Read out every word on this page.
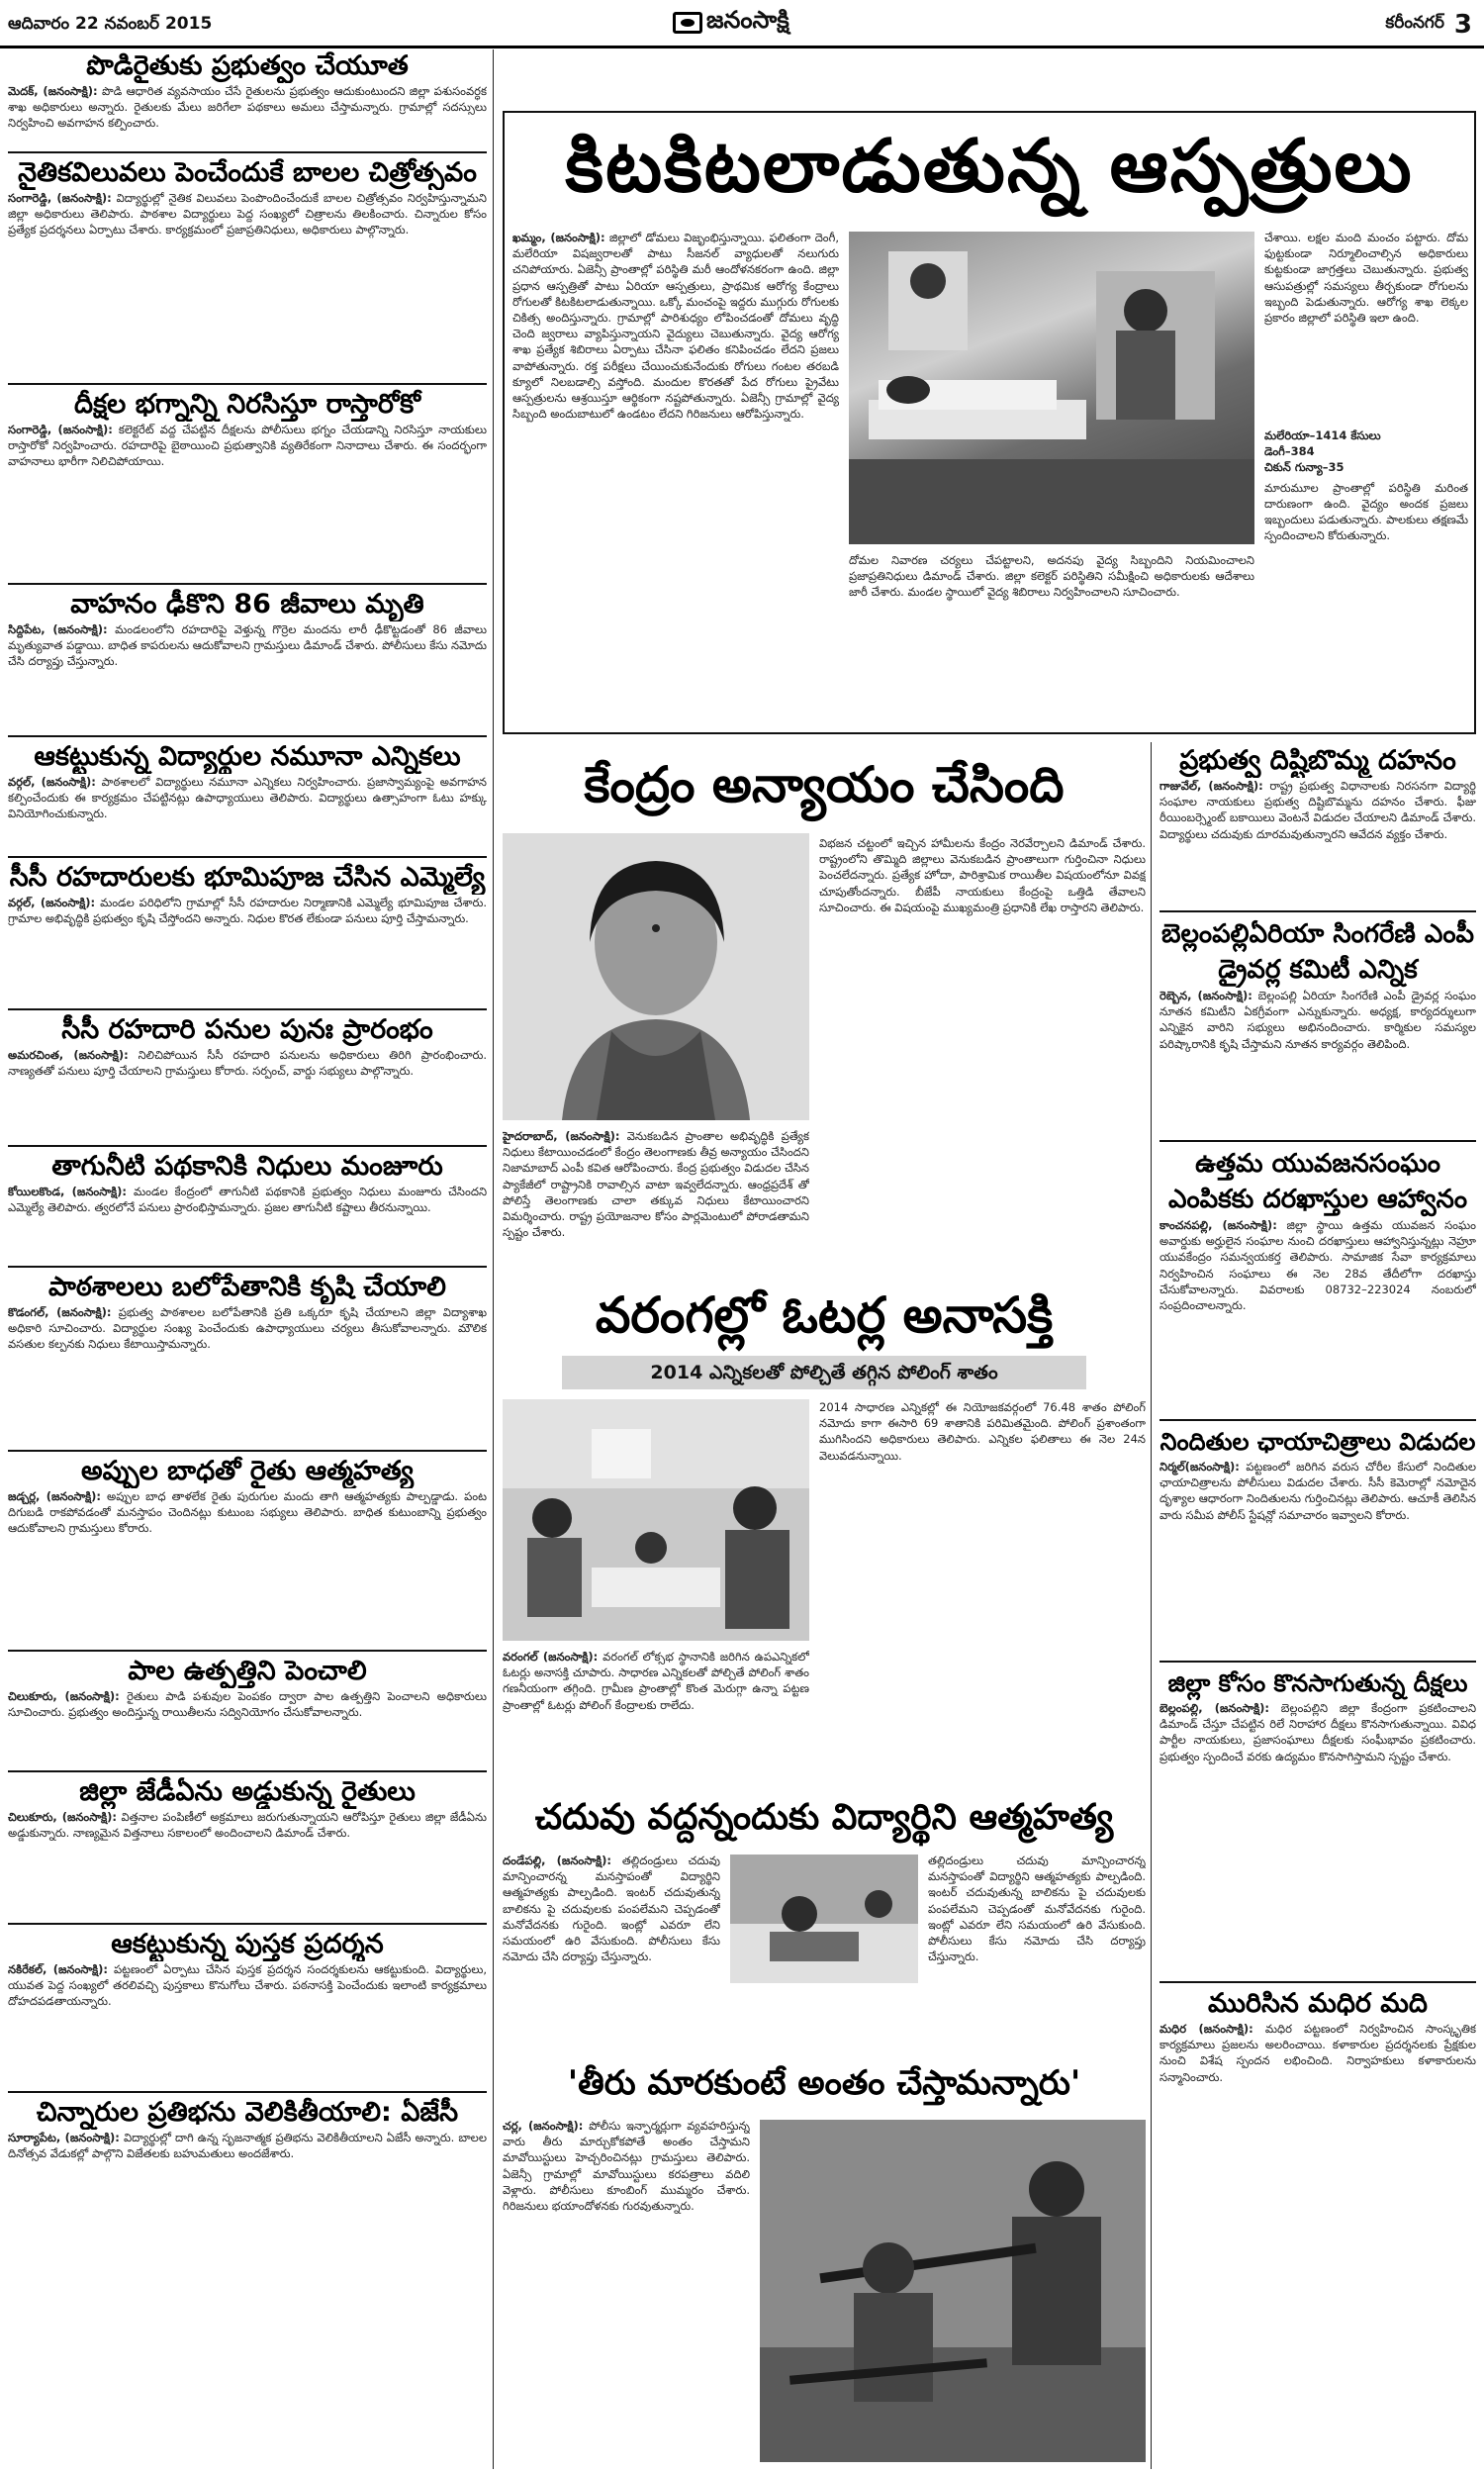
ఆదివారం 22 నవంబర్ 2015	జనంసాక్షి	కరీంనగర్ 3
పొడిరైతుకు ప్రభుత్వం చేయూత
మెదక్, (జనంసాక్షి): పొడి ఆధారిత వ్యవసాయం చేసే రైతులను ప్రభుత్వం ఆదుకుంటుందని జిల్లా పశుసంవర్ధక శాఖ అధికారులు అన్నారు. రైతులకు మేలు జరిగేలా పథకాలు అమలు చేస్తామన్నారు. గ్రామాల్లో సదస్సులు నిర్వహించి అవగాహన కల్పించారు.
నైతికవిలువలు పెంచేందుకే బాలల చిత్రోత్సవం
సంగారెడ్డి, (జనంసాక్షి): విద్యార్థుల్లో నైతిక విలువలు పెంపొందించేందుకే బాలల చిత్రోత్సవం నిర్వహిస్తున్నామని జిల్లా అధికారులు తెలిపారు. పాఠశాల విద్యార్థులు పెద్ద సంఖ్యలో చిత్రాలను తిలకించారు. చిన్నారుల కోసం ప్రత్యేక ప్రదర్శనలు ఏర్పాటు చేశారు. కార్యక్రమంలో ప్రజాప్రతినిధులు, అధికారులు పాల్గొన్నారు.
దీక్షల భగ్నాన్ని నిరసిస్తూ రాస్తారోకో
సంగారెడ్డి, (జనంసాక్షి): కలెక్టరేట్ వద్ద చేపట్టిన దీక్షలను పోలీసులు భగ్నం చేయడాన్ని నిరసిస్తూ నాయకులు రాస్తారోకో నిర్వహించారు. రహదారిపై బైఠాయించి ప్రభుత్వానికి వ్యతిరేకంగా నినాదాలు చేశారు. ఈ సందర్భంగా వాహనాలు భారీగా నిలిచిపోయాయి.
వాహనం ఢీకొని 86 జీవాలు మృతి
సిద్దిపేట, (జనంసాక్షి): మండలంలోని రహదారిపై వెళ్తున్న గొర్రెల మందను లారీ ఢీకొట్టడంతో 86 జీవాలు మృత్యువాత పడ్డాయి. బాధిత కాపరులను ఆదుకోవాలని గ్రామస్తులు డిమాండ్ చేశారు. పోలీసులు కేసు నమోదు చేసి దర్యాప్తు చేస్తున్నారు.
ఆకట్టుకున్న విద్యార్థుల నమూనా ఎన్నికలు
వర్గల్, (జనంసాక్షి): పాఠశాలలో విద్యార్థులు నమూనా ఎన్నికలు నిర్వహించారు. ప్రజాస్వామ్యంపై అవగాహన కల్పించేందుకు ఈ కార్యక్రమం చేపట్టినట్లు ఉపాధ్యాయులు తెలిపారు. విద్యార్థులు ఉత్సాహంగా ఓటు హక్కు వినియోగించుకున్నారు.
సీసీ రహదారులకు భూమిపూజ చేసిన ఎమ్మెల్యే
వర్గల్, (జనంసాక్షి): మండల పరిధిలోని గ్రామాల్లో సీసీ రహదారుల నిర్మాణానికి ఎమ్మెల్యే భూమిపూజ చేశారు. గ్రామాల అభివృద్ధికి ప్రభుత్వం కృషి చేస్తోందని అన్నారు. నిధుల కొరత లేకుండా పనులు పూర్తి చేస్తామన్నారు.
సీసీ రహదారి పనుల పునః ప్రారంభం
అమరచింత, (జనంసాక్షి): నిలిచిపోయిన సీసీ రహదారి పనులను అధికారులు తిరిగి ప్రారంభించారు. నాణ్యతతో పనులు పూర్తి చేయాలని గ్రామస్తులు కోరారు. సర్పంచ్, వార్డు సభ్యులు పాల్గొన్నారు.
తాగునీటి పథకానికి నిధులు మంజూరు
కోయిలకొండ, (జనంసాక్షి): మండల కేంద్రంలో తాగునీటి పథకానికి ప్రభుత్వం నిధులు మంజూరు చేసిందని ఎమ్మెల్యే తెలిపారు. త్వరలోనే పనులు ప్రారంభిస్తామన్నారు. ప్రజల తాగునీటి కష్టాలు తీరనున్నాయి.
పాఠశాలలు బలోపేతానికి కృషి చేయాలి
కొడంగల్, (జనంసాక్షి): ప్రభుత్వ పాఠశాలల బలోపేతానికి ప్రతి ఒక్కరూ కృషి చేయాలని జిల్లా విద్యాశాఖ అధికారి సూచించారు. విద్యార్థుల సంఖ్య పెంచేందుకు ఉపాధ్యాయులు చర్యలు తీసుకోవాలన్నారు. మౌలిక వసతుల కల్పనకు నిధులు కేటాయిస్తామన్నారు.
అప్పుల బాధతో రైతు ఆత్మహత్య
జడ్చర్ల, (జనంసాక్షి): అప్పుల బాధ తాళలేక రైతు పురుగుల మందు తాగి ఆత్మహత్యకు పాల్పడ్డాడు. పంట దిగుబడి రాకపోవడంతో మనస్తాపం చెందినట్లు కుటుంబ సభ్యులు తెలిపారు. బాధిత కుటుంబాన్ని ప్రభుత్వం ఆదుకోవాలని గ్రామస్తులు కోరారు.
పాల ఉత్పత్తిని పెంచాలి
చిలుకూరు, (జనంసాక్షి): రైతులు పాడి పశువుల పెంపకం ద్వారా పాల ఉత్పత్తిని పెంచాలని అధికారులు సూచించారు. ప్రభుత్వం అందిస్తున్న రాయితీలను సద్వినియోగం చేసుకోవాలన్నారు.
జిల్లా జేడీఏను అడ్డుకున్న రైతులు
చిలుకూరు, (జనంసాక్షి): విత్తనాల పంపిణీలో అక్రమాలు జరుగుతున్నాయని ఆరోపిస్తూ రైతులు జిల్లా జేడీఏను అడ్డుకున్నారు. నాణ్యమైన విత్తనాలు సకాలంలో అందించాలని డిమాండ్ చేశారు.
ఆకట్టుకున్న పుస్తక ప్రదర్శన
నకిరేకల్, (జనంసాక్షి): పట్టణంలో ఏర్పాటు చేసిన పుస్తక ప్రదర్శన సందర్శకులను ఆకట్టుకుంది. విద్యార్థులు, యువత పెద్ద సంఖ్యలో తరలివచ్చి పుస్తకాలు కొనుగోలు చేశారు. పఠనాసక్తి పెంచేందుకు ఇలాంటి కార్యక్రమాలు దోహదపడతాయన్నారు.
చిన్నారుల ప్రతిభను వెలికితీయాలి: ఏజేసీ
సూర్యాపేట, (జనంసాక్షి): విద్యార్థుల్లో దాగి ఉన్న సృజనాత్మక ప్రతిభను వెలికితీయాలని ఏజేసీ అన్నారు. బాలల దినోత్సవ వేడుకల్లో పాల్గొని విజేతలకు బహుమతులు అందజేశారు.
కిటకిటలాడుతున్న ఆస్పత్రులు
ఖమ్మం, (జనంసాక్షి): జిల్లాలో డోమలు విజృంభిస్తున్నాయి. ఫలితంగా దెంగీ, మలేరియా విషజ్వరాలతో పాటు సీజనల్ వ్యాధులతో నలుగురు చనిపోయారు. ఏజెన్సీ ప్రాంతాల్లో పరిస్థితి మరీ ఆందోళనకరంగా ఉంది. జిల్లా ప్రధాన ఆస్పత్రితో పాటు ఏరియా ఆస్పత్రులు, ప్రాథమిక ఆరోగ్య కేంద్రాలు రోగులతో కిటకిటలాడుతున్నాయి. ఒక్కో మంచంపై ఇద్దరు ముగ్గురు రోగులకు చికిత్స అందిస్తున్నారు. గ్రామాల్లో పారిశుధ్యం లోపించడంతో దోమలు వృద్ధి చెంది జ్వరాలు వ్యాపిస్తున్నాయని వైద్యులు చెబుతున్నారు. వైద్య ఆరోగ్య శాఖ ప్రత్యేక శిబిరాలు ఏర్పాటు చేసినా ఫలితం కనిపించడం లేదని ప్రజలు వాపోతున్నారు. రక్త పరీక్షలు చేయించుకునేందుకు రోగులు గంటల తరబడి క్యూలో నిలబడాల్సి వస్తోంది. మందుల కొరతతో పేద రోగులు ప్రైవేటు ఆస్పత్రులను ఆశ్రయిస్తూ ఆర్థికంగా నష్టపోతున్నారు. ఏజెన్సీ గ్రామాల్లో వైద్య సిబ్బంది అందుబాటులో ఉండటం లేదని గిరిజనులు ఆరోపిస్తున్నారు.
దోమల నివారణ చర్యలు చేపట్టాలని, అదనపు వైద్య సిబ్బందిని నియమించాలని ప్రజాప్రతినిధులు డిమాండ్ చేశారు. జిల్లా కలెక్టర్ పరిస్థితిని సమీక్షించి అధికారులకు ఆదేశాలు జారీ చేశారు. మండల స్థాయిలో వైద్య శిబిరాలు నిర్వహించాలని సూచించారు.
చేశాయి. లక్షల మంది మంచం పట్టారు. దోమ ఫుట్టకుండా నిర్మూలించాల్సిన అధికారులు కుట్టకుండా జాగ్రత్తలు చెబుతున్నారు. ప్రభుత్వ ఆసుపత్రుల్లో సమస్యలు తీర్చకుండా రోగులను ఇబ్బంది పెడుతున్నారు. ఆరోగ్య శాఖ లెక్కల ప్రకారం జిల్లాలో పరిస్థితి ఇలా ఉంది.
మలేరియా–1414 కేసులు
డెంగీ–384
చికున్ గున్యా–35
మారుమూల ప్రాంతాల్లో పరిస్థితి మరింత దారుణంగా ఉంది. వైద్యం అందక ప్రజలు ఇబ్బందులు పడుతున్నారు. పాలకులు తక్షణమే స్పందించాలని కోరుతున్నారు.
కేంద్రం అన్యాయం చేసింది
హైదరాబాద్, (జనంసాక్షి): వెనుకబడిన ప్రాంతాల అభివృద్ధికి ప్రత్యేక నిధులు కేటాయించడంలో కేంద్రం తెలంగాణకు తీవ్ర అన్యాయం చేసిందని నిజామాబాద్ ఎంపీ కవిత ఆరోపించారు. కేంద్ర ప్రభుత్వం విడుదల చేసిన ప్యాకేజీలో రాష్ట్రానికి రావాల్సిన వాటా ఇవ్వలేదన్నారు. ఆంధ్రప్రదేశ్ తో పోలిస్తే తెలంగాణకు చాలా తక్కువ నిధులు కేటాయించారని విమర్శించారు. రాష్ట్ర ప్రయోజనాల కోసం పార్లమెంటులో పోరాడతామని స్పష్టం చేశారు.
విభజన చట్టంలో ఇచ్చిన హామీలను కేంద్రం నెరవేర్చాలని డిమాండ్ చేశారు. రాష్ట్రంలోని తొమ్మిది జిల్లాలు వెనుకబడిన ప్రాంతాలుగా గుర్తించినా నిధులు పెంచలేదన్నారు. ప్రత్యేక హోదా, పారిశ్రామిక రాయితీల విషయంలోనూ వివక్ష చూపుతోందన్నారు. బీజేపీ నాయకులు కేంద్రంపై ఒత్తిడి తేవాలని సూచించారు. ఈ విషయంపై ముఖ్యమంత్రి ప్రధానికి లేఖ రాస్తారని తెలిపారు.
వరంగల్లో ఓటర్ల అనాసక్తి
2014 ఎన్నికలతో పోల్చితే తగ్గిన పోలింగ్ శాతం
వరంగల్ (జనంసాక్షి): వరంగల్ లోక్సభ స్థానానికి జరిగిన ఉపఎన్నికలో ఓటర్లు అనాసక్తి చూపారు. సాధారణ ఎన్నికలతో పోల్చితే పోలింగ్ శాతం గణనీయంగా తగ్గింది. గ్రామీణ ప్రాంతాల్లో కొంత మెరుగ్గా ఉన్నా పట్టణ ప్రాంతాల్లో ఓటర్లు పోలింగ్ కేంద్రాలకు రాలేదు.
2014 సాధారణ ఎన్నికల్లో ఈ నియోజకవర్గంలో 76.48 శాతం పోలింగ్ నమోదు కాగా ఈసారి 69 శాతానికి పరిమితమైంది. పోలింగ్ ప్రశాంతంగా ముగిసిందని అధికారులు తెలిపారు. ఎన్నికల ఫలితాలు ఈ నెల 24న వెలువడనున్నాయి.
చదువు వద్దన్నందుకు విద్యార్థిని ఆత్మహత్య
దండేపల్లి, (జనంసాక్షి): తల్లిదండ్రులు చదువు మాన్పించారన్న మనస్తాపంతో విద్యార్థిని ఆత్మహత్యకు పాల్పడింది. ఇంటర్ చదువుతున్న బాలికను పై చదువులకు పంపలేమని చెప్పడంతో మనోవేదనకు గురైంది. ఇంట్లో ఎవరూ లేని సమయంలో ఉరి వేసుకుంది. పోలీసులు కేసు నమోదు చేసి దర్యాప్తు చేస్తున్నారు.
తల్లిదండ్రులు చదువు మాన్పించారన్న మనస్తాపంతో విద్యార్థిని ఆత్మహత్యకు పాల్పడింది. ఇంటర్ చదువుతున్న బాలికను పై చదువులకు పంపలేమని చెప్పడంతో మనోవేదనకు గురైంది. ఇంట్లో ఎవరూ లేని సమయంలో ఉరి వేసుకుంది. పోలీసులు కేసు నమోదు చేసి దర్యాప్తు చేస్తున్నారు.
'తీరు మారకుంటే అంతం చేస్తామన్నారు'
చర్ల, (జనంసాక్షి): పోలీసు ఇన్ఫార్మర్లుగా వ్యవహరిస్తున్న వారు తీరు మార్చుకోకపోతే అంతం చేస్తామని మావోయిస్టులు హెచ్చరించినట్లు గ్రామస్తులు తెలిపారు. ఏజెన్సీ గ్రామాల్లో మావోయిస్టులు కరపత్రాలు వదిలి వెళ్లారు. పోలీసులు కూంబింగ్ ముమ్మరం చేశారు. గిరిజనులు భయాందోళనకు గురవుతున్నారు.
ప్రభుత్వ దిష్టిబొమ్మ దహనం
గాజువేల్, (జనంసాక్షి): రాష్ట్ర ప్రభుత్వ విధానాలకు నిరసనగా విద్యార్థి సంఘాల నాయకులు ప్రభుత్వ దిష్టిబొమ్మను దహనం చేశారు. ఫీజు రీయింబర్స్మెంట్ బకాయిలు వెంటనే విడుదల చేయాలని డిమాండ్ చేశారు. విద్యార్థులు చదువుకు దూరమవుతున్నారని ఆవేదన వ్యక్తం చేశారు.
బెల్లంపల్లిఏరియా సింగరేణి ఎంపీ డ్రైవర్ల కమిటీ ఎన్నిక
రెబ్బెన, (జనంసాక్షి): బెల్లంపల్లి ఏరియా సింగరేణి ఎంపీ డ్రైవర్ల సంఘం నూతన కమిటీని ఏకగ్రీవంగా ఎన్నుకున్నారు. అధ్యక్ష, కార్యదర్శులుగా ఎన్నికైన వారిని సభ్యులు అభినందించారు. కార్మికుల సమస్యల పరిష్కారానికి కృషి చేస్తామని నూతన కార్యవర్గం తెలిపింది.
ఉత్తమ యువజనసంఘం ఎంపికకు దరఖాస్తుల ఆహ్వానం
కాంచనపల్లి, (జనంసాక్షి): జిల్లా స్థాయి ఉత్తమ యువజన సంఘం అవార్డుకు అర్హులైన సంఘాల నుంచి దరఖాస్తులు ఆహ్వానిస్తున్నట్లు నెహ్రూ యువకేంద్రం సమన్వయకర్త తెలిపారు. సామాజిక సేవా కార్యక్రమాలు నిర్వహించిన సంఘాలు ఈ నెల 28వ తేదీలోగా దరఖాస్తు చేసుకోవాలన్నారు. వివరాలకు 08732–223024 నంబరులో సంప్రదించాలన్నారు.
నిందితుల ఛాయాచిత్రాలు విడుదల
నిర్మల్(జనంసాక్షి): పట్టణంలో జరిగిన వరుస చోరీల కేసులో నిందితుల ఛాయాచిత్రాలను పోలీసులు విడుదల చేశారు. సీసీ కెమెరాల్లో నమోదైన దృశ్యాల ఆధారంగా నిందితులను గుర్తించినట్లు తెలిపారు. ఆచూకీ తెలిసిన వారు సమీప పోలీస్ స్టేషన్లో సమాచారం ఇవ్వాలని కోరారు.
జిల్లా కోసం కొనసాగుతున్న దీక్షలు
బెల్లంపల్లి, (జనంసాక్షి): బెల్లంపల్లిని జిల్లా కేంద్రంగా ప్రకటించాలని డిమాండ్ చేస్తూ చేపట్టిన రిలే నిరాహార దీక్షలు కొనసాగుతున్నాయి. వివిధ పార్టీల నాయకులు, ప్రజాసంఘాలు దీక్షలకు సంఘీభావం ప్రకటించారు. ప్రభుత్వం స్పందించే వరకు ఉద్యమం కొనసాగిస్తామని స్పష్టం చేశారు.
మురిసిన మధిర మది
మధిర (జనంసాక్షి): మధిర పట్టణంలో నిర్వహించిన సాంస్కృతిక కార్యక్రమాలు ప్రజలను అలరించాయి. కళాకారుల ప్రదర్శనలకు ప్రేక్షకుల నుంచి విశేష స్పందన లభించింది. నిర్వాహకులు కళాకారులను సన్మానించారు.
